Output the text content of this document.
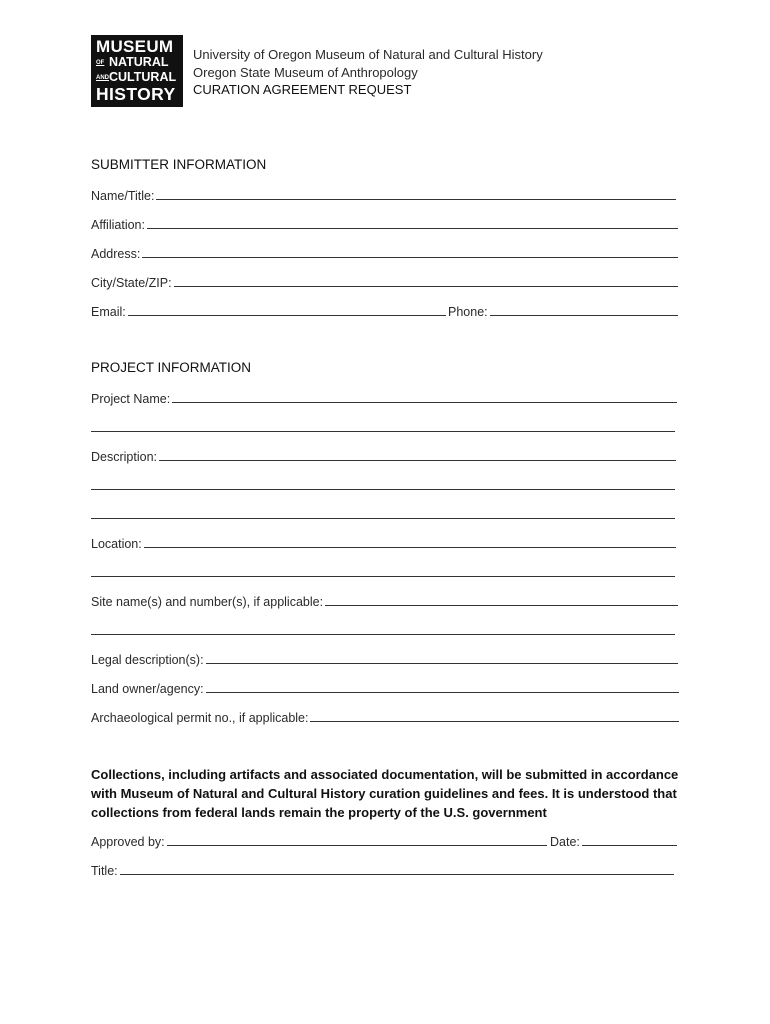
MUSEUM
OF NATURAL
ANDCULTURAL
HISTORY
University of Oregon Museum of Natural and Cultural History
Oregon State Museum of Anthropology
CURATION AGREEMENT REQUEST
SUBMITTER INFORMATION
Name/Title:
Affiliation:
Address:
City/State/ZIP:
Email:	Phone:
PROJECT INFORMATION
Project Name:
Description:
Location:
Site name(s) and number(s), if applicable:
Legal description(s):
Land owner/agency:
Archaeological permit no., if applicable:
Collections, including artifacts and associated documentation, will be submitted in accordance
with Museum of Natural and Cultural History curation guidelines and fees. It is understood that
collections from federal lands remain the property of the U.S. government
Approved by:	Date:
Title:
